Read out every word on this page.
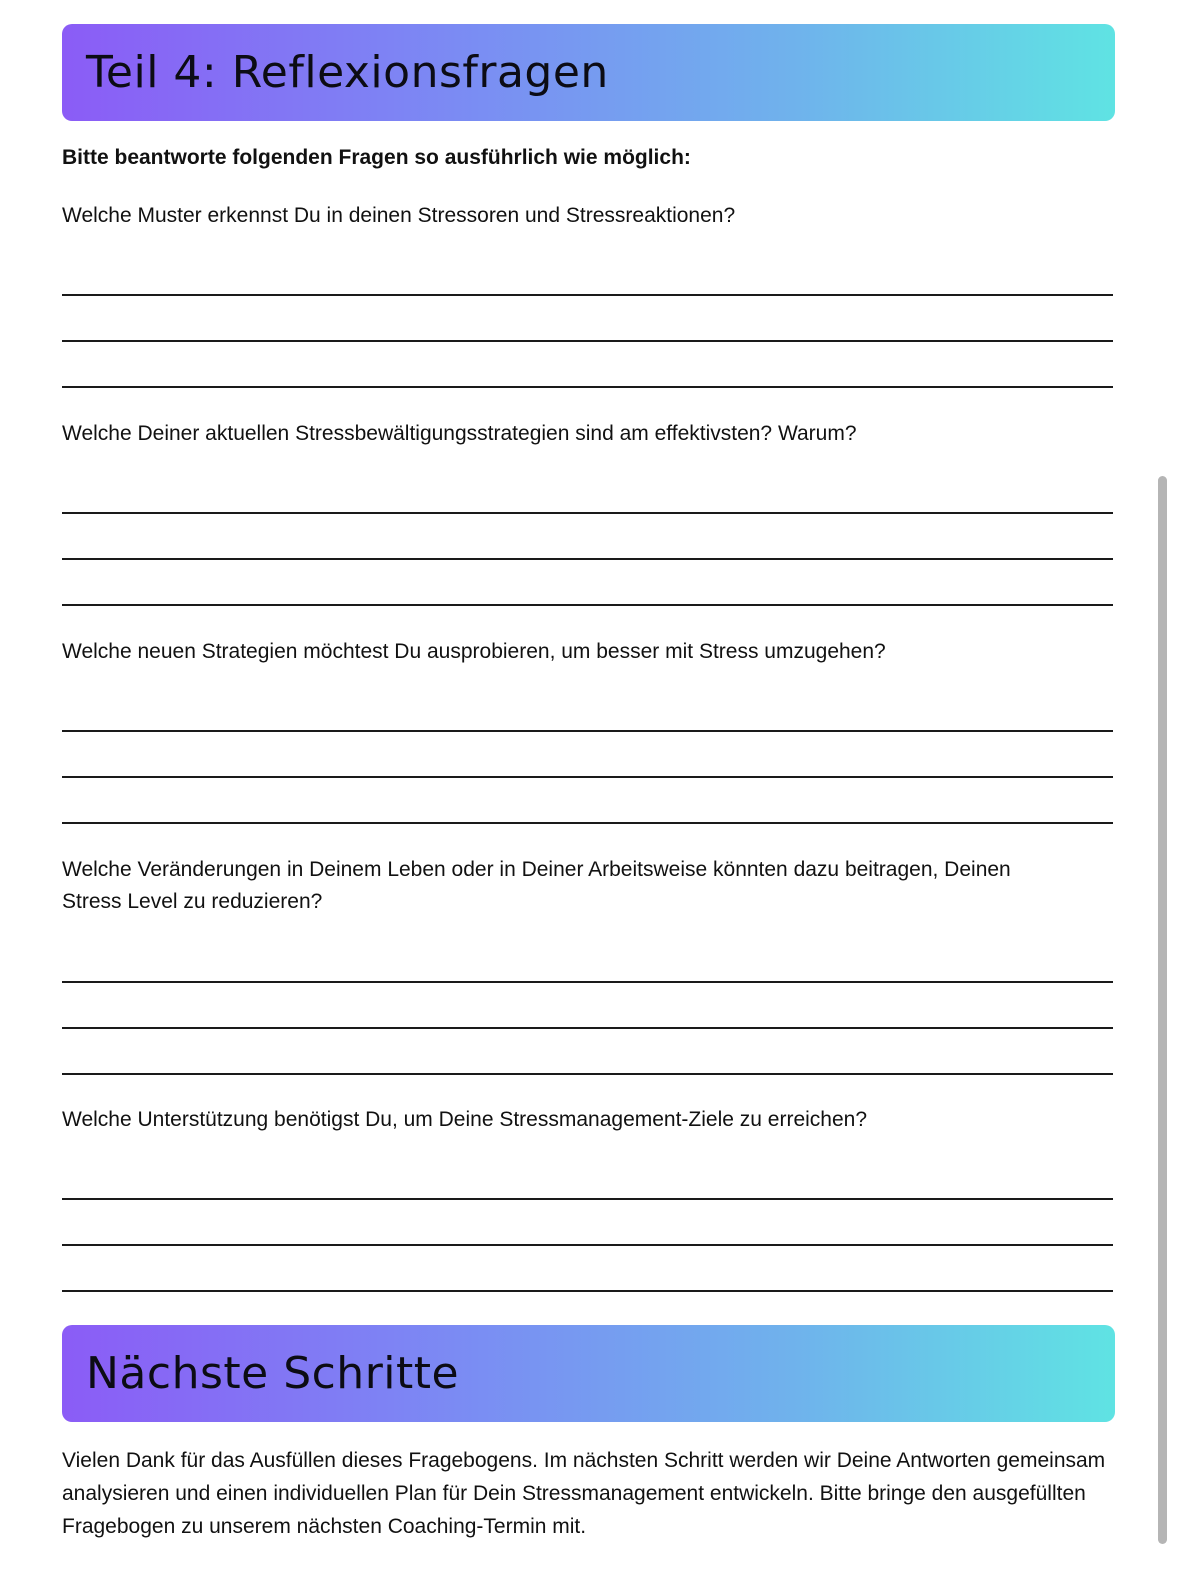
Teil 4: Reflexionsfragen
Bitte beantworte folgenden Fragen so ausführlich wie möglich:
Welche Muster erkennst Du in deinen Stressoren und Stressreaktionen?
Welche Deiner aktuellen Stressbewältigungsstrategien sind am effektivsten? Warum?
Welche neuen Strategien möchtest Du ausprobieren, um besser mit Stress umzugehen?
Welche Veränderungen in Deinem Leben oder in Deiner Arbeitsweise könnten dazu beitragen, Deinen Stress Level zu reduzieren?
Welche Unterstützung benötigst Du, um Deine Stressmanagement-Ziele zu erreichen?
Nächste Schritte
Vielen Dank für das Ausfüllen dieses Fragebogens. Im nächsten Schritt werden wir Deine Antworten gemeinsam analysieren und einen individuellen Plan für Dein Stressmanagement entwickeln. Bitte bringe den ausgefüllten Fragebogen zu unserem nächsten Coaching-Termin mit.
